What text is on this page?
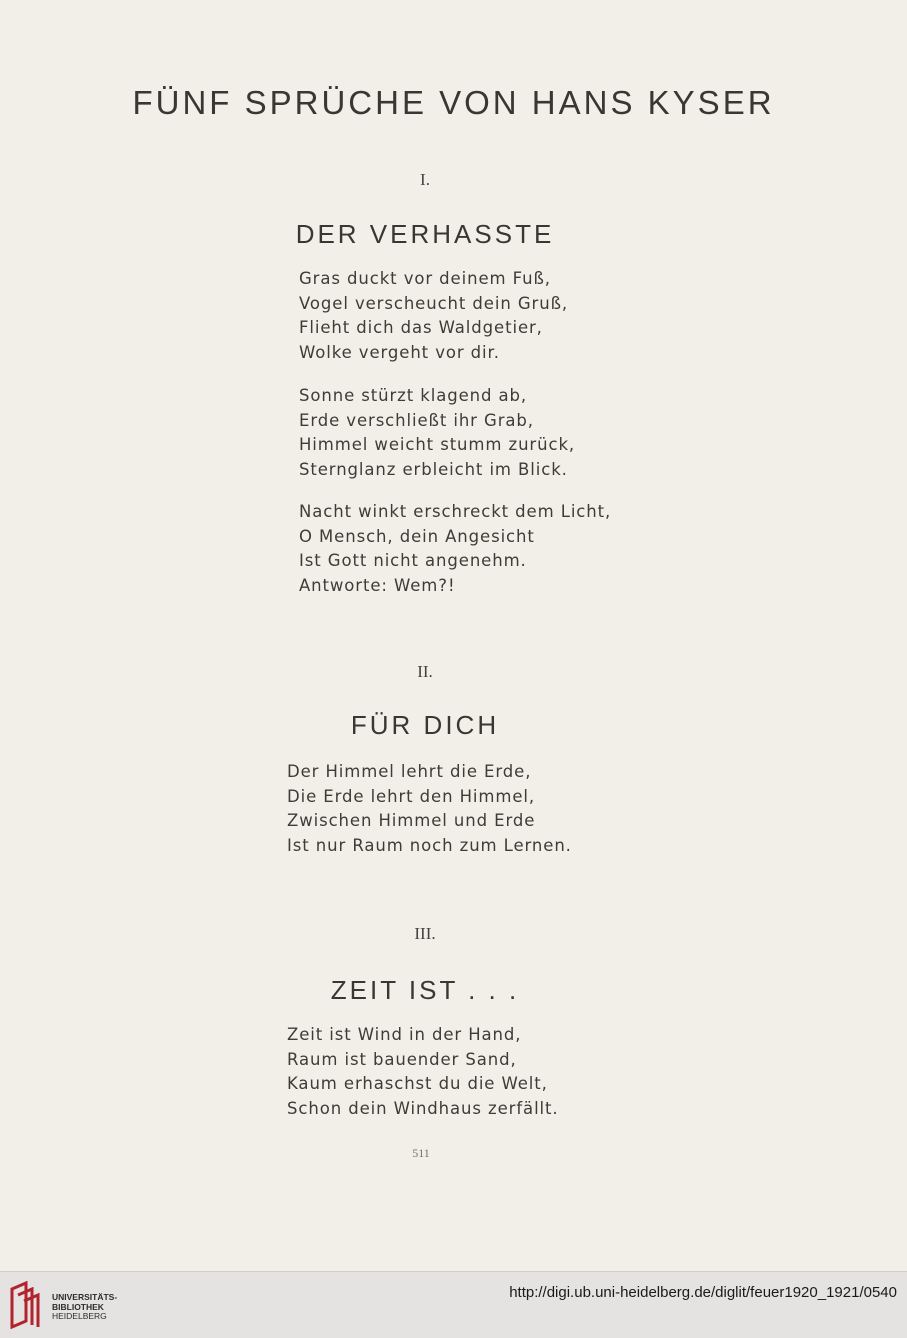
FÜNF SPRÜCHE VON HANS KYSER
I.
DER VERHASSTE
Gras duckt vor deinem Fuß,
Vogel verscheucht dein Gruß,
Flieht dich das Waldgetier,
Wolke vergeht vor dir.
Sonne stürzt klagend ab,
Erde verschließt ihr Grab,
Himmel weicht stumm zurück,
Sternglanz erbleicht im Blick.
Nacht winkt erschreckt dem Licht,
O Mensch, dein Angesicht
Ist Gott nicht angenehm.
Antworte: Wem?!
II.
FÜR DICH
Der Himmel lehrt die Erde,
Die Erde lehrt den Himmel,
Zwischen Himmel und Erde
Ist nur Raum noch zum Lernen.
III.
ZEIT IST . . .
Zeit ist Wind in der Hand,
Raum ist bauender Sand,
Kaum erhaschst du die Welt,
Schon dein Windhaus zerfällt.
511
UNIVERSITÄTS-
BIBLIOTHEK
HEIDELBERG
http://digi.ub.uni-heidelberg.de/diglit/feuer1920_1921/0540
